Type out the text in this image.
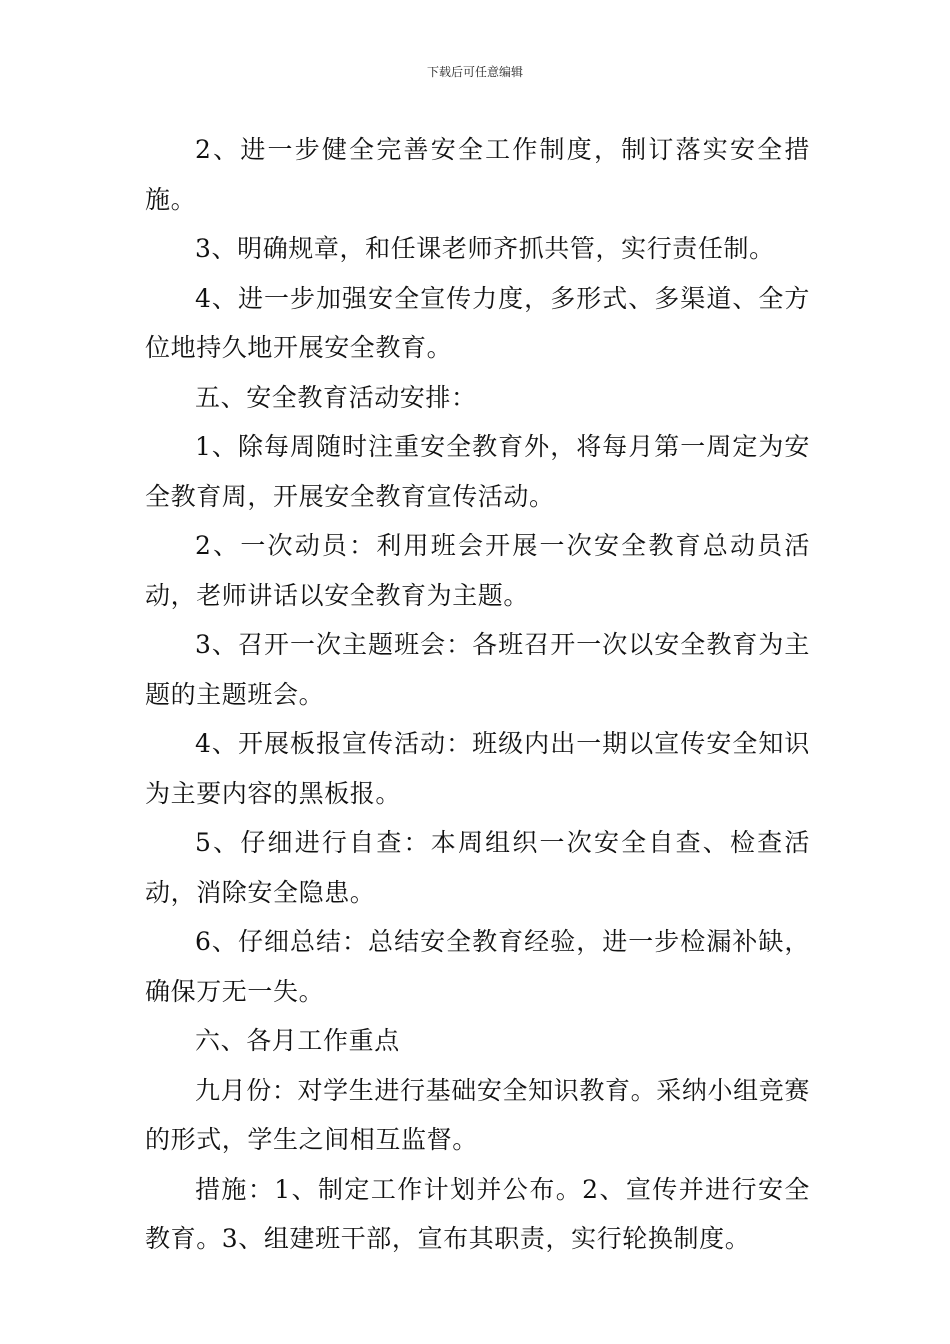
下载后可任意编辑

2、进一步健全完善安全工作制度，制订落实安全措施。

3、明确规章，和任课老师齐抓共管，实行责任制。

4、进一步加强安全宣传力度，多形式、多渠道、全方位地持久地开展安全教育。

五、安全教育活动安排：

1、除每周随时注重安全教育外，将每月第一周定为安全教育周，开展安全教育宣传活动。

2、一次动员：利用班会开展一次安全教育总动员活动，老师讲话以安全教育为主题。

3、召开一次主题班会：各班召开一次以安全教育为主题的主题班会。

4、开展板报宣传活动：班级内出一期以宣传安全知识为主要内容的黑板报。

5、仔细进行自查：本周组织一次安全自查、检查活动，消除安全隐患。

6、仔细总结：总结安全教育经验，进一步检漏补缺，确保万无一失。

六、各月工作重点

九月份：对学生进行基础安全知识教育。采纳小组竞赛的形式，学生之间相互监督。

措施：1、制定工作计划并公布。2、宣传并进行安全教育。3、组建班干部，宣布其职责，实行轮换制度。
